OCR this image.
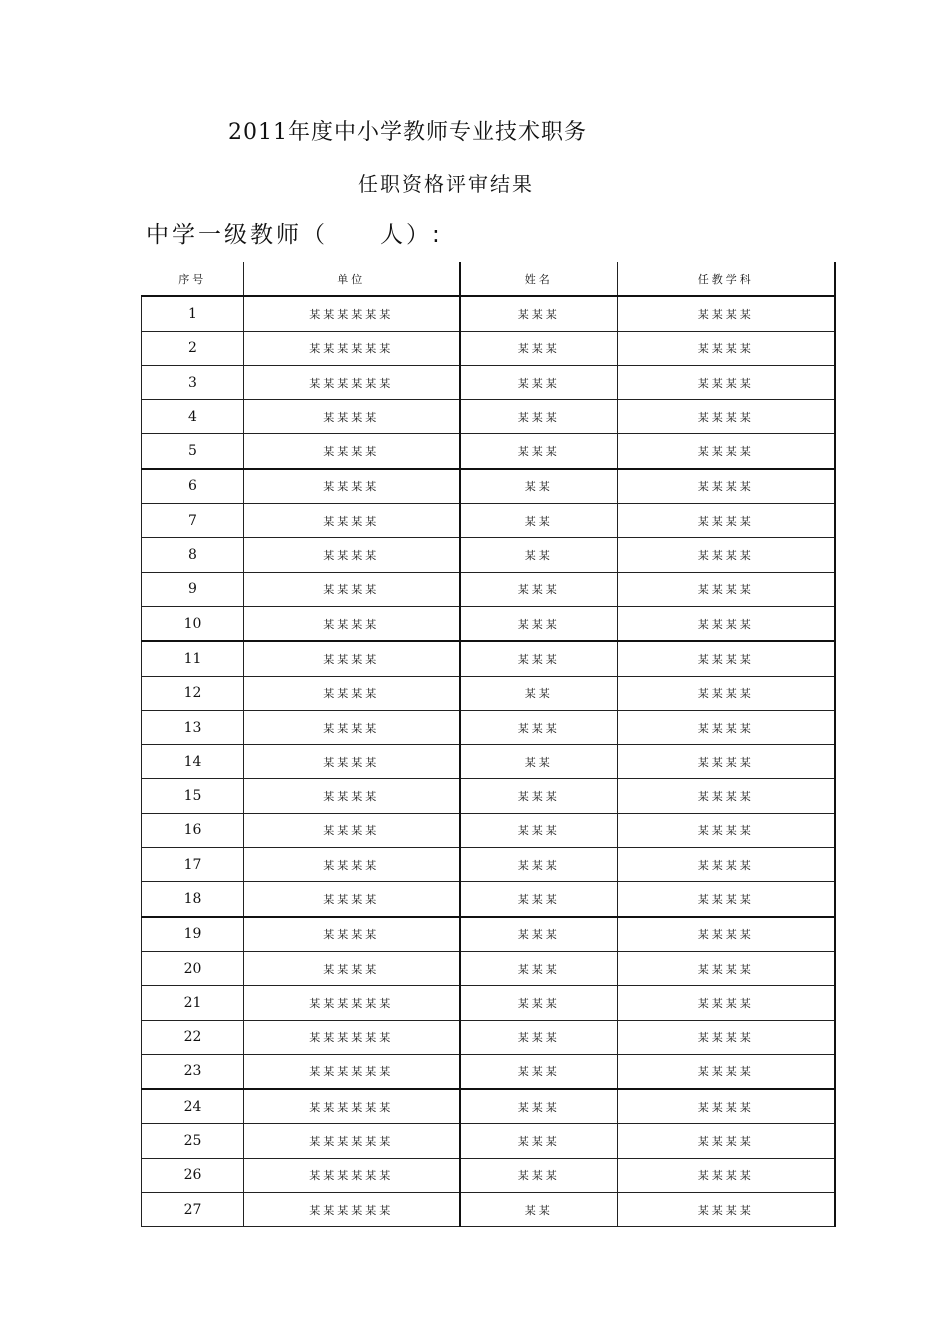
2011年度中小学教师专业技术职务
任职资格评审结果
中学一级教师（ 人）:
序号	单位	姓名	任教学科
1	某某某某某某	某某某	某某某某
2	某某某某某某	某某某	某某某某
3	某某某某某某	某某某	某某某某
4	某某某某	某某某	某某某某
5	某某某某	某某某	某某某某
6	某某某某	某某	某某某某
7	某某某某	某某	某某某某
8	某某某某	某某	某某某某
9	某某某某	某某某	某某某某
10	某某某某	某某某	某某某某
11	某某某某	某某某	某某某某
12	某某某某	某某	某某某某
13	某某某某	某某某	某某某某
14	某某某某	某某	某某某某
15	某某某某	某某某	某某某某
16	某某某某	某某某	某某某某
17	某某某某	某某某	某某某某
18	某某某某	某某某	某某某某
19	某某某某	某某某	某某某某
20	某某某某	某某某	某某某某
21	某某某某某某	某某某	某某某某
22	某某某某某某	某某某	某某某某
23	某某某某某某	某某某	某某某某
24	某某某某某某	某某某	某某某某
25	某某某某某某	某某某	某某某某
26	某某某某某某	某某某	某某某某
27	某某某某某某	某某	某某某某
